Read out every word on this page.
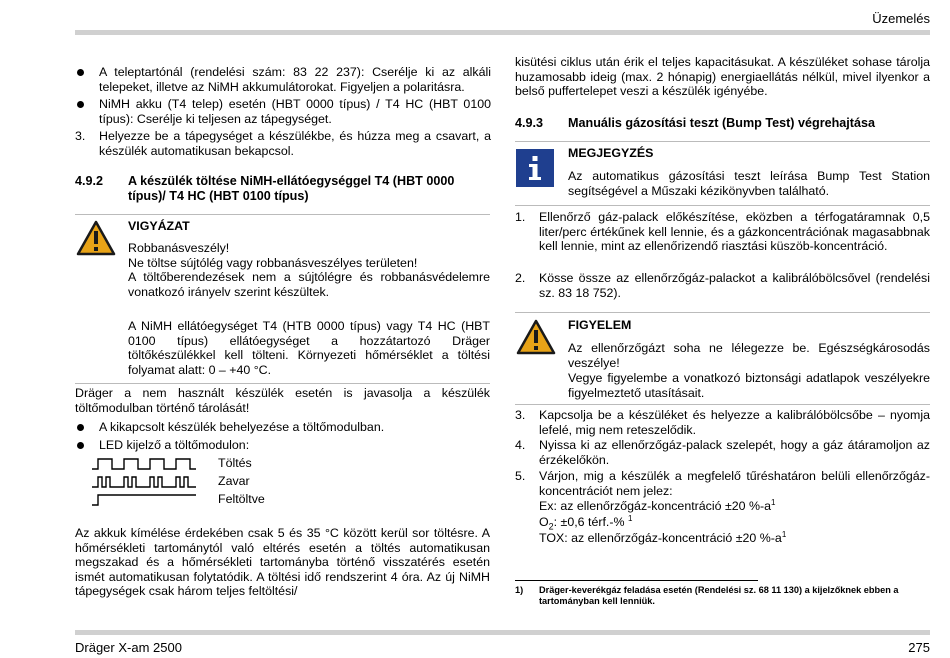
Üzemelés
Dräger X-am 2500	275
A teleptartónál (rendelési szám: 83 22 237): Cserélje ki az alkáli telepeket, illetve az NiMH akkumulátorokat. Figyeljen a polaritásra.
NiMH akku (T4 telep) esetén (HBT 0000 típus) / T4 HC (HBT 0100 típus): Cserélje ki teljesen az tápegységet.
3. Helyezze be a tápegységet a készülékbe, és húzza meg a csavart, a készülék automatikusan bekapcsol.
4.9.2 A készülék töltése NiMH-ellátóegységgel T4 (HBT 0000 típus)/ T4 HC (HBT 0100 típus)
VIGYÁZAT
Robbanásveszély!
Ne töltse sújtólég vagy robbanásveszélyes területen!
A töltőberendezések nem a sújtólégre és robbanásvédelemre vonatkozó irányelv szerint készültek.
A NiMH ellátóegységet T4 (HTB 0000 típus) vagy T4 HC (HBT 0100 típus) ellátóegységet a hozzátartozó Dräger töltőkészülékkel kell tölteni. Környezeti hőmérséklet a töltési folyamat alatt: 0 – +40 °C.
Dräger a nem használt készülék esetén is javasolja a készülék töltőmodulban történő tárolását!
A kikapcsolt készülék behelyezése a töltőmodulban.
LED kijelző a töltőmodulon:
Töltés
Zavar
Feltöltve
Az akkuk kímélése érdekében csak 5 és 35 °C között kerül sor töltésre. A hőmérsékleti tartománytól való eltérés esetén a töltés automatikusan megszakad és a hőmérsékleti tartományba történő visszatérés esetén ismét automatikusan folytatódik. A töltési idő rendszerint 4 óra. Az új NiMH tápegységek csak három teljes feltöltési/
kisütési ciklus után érik el teljes kapacitásukat. A készüléket sohase tárolja huzamosabb ideig (max. 2 hónapig) energiaellátás nélkül, mivel ilyenkor a belső puffertelepet veszi a készülék igényébe.
4.9.3 Manuális gázosítási teszt (Bump Test) végrehajtása
MEGJEGYZÉS
Az automatikus gázosítási teszt leírása Bump Test Station segítségével a Műszaki kézikönyvben található.
1. Ellenőrző gáz-palack előkészítése, eközben a térfogatáramnak 0,5 liter/perc értékűnek kell lennie, és a gázkoncentrációnak magasabbnak kell lennie, mint az ellenőrizendő riasztási küszöb-koncentráció.
2. Kösse össze az ellenőrzőgáz-palackot a kalibrálóbölcsővel (rendelési sz. 83 18 752).
FIGYELEM
Az ellenőrzőgázt soha ne lélegezze be. Egészségkárosodás veszélye!
Vegye figyelembe a vonatkozó biztonsági adatlapok veszélyekre figyelmeztető utasításait.
3. Kapcsolja be a készüléket és helyezze a kalibrálóbölcsőbe – nyomja lefelé, mig nem reteszelődik.
4. Nyissa ki az ellenőrzőgáz-palack szelepét, hogy a gáz átáramoljon az érzékelőkön.
5. Várjon, mig a készülék a megfelelő tűréshatáron belüli ellenőrzőgáz-koncentrációt nem jelez:
Ex: az ellenőrzőgáz-koncentráció ±20 $\%-a^1$
$O_2$: ±0,6 térf.-% $^1$
TOX: az ellenőrzőgáz-koncentráció ±20 $\%-a^1$
1) Dräger-keverékgáz feladása esetén (Rendelési sz. 68 11 130) a kijelzőknek ebben a tartományban kell lenniük.
